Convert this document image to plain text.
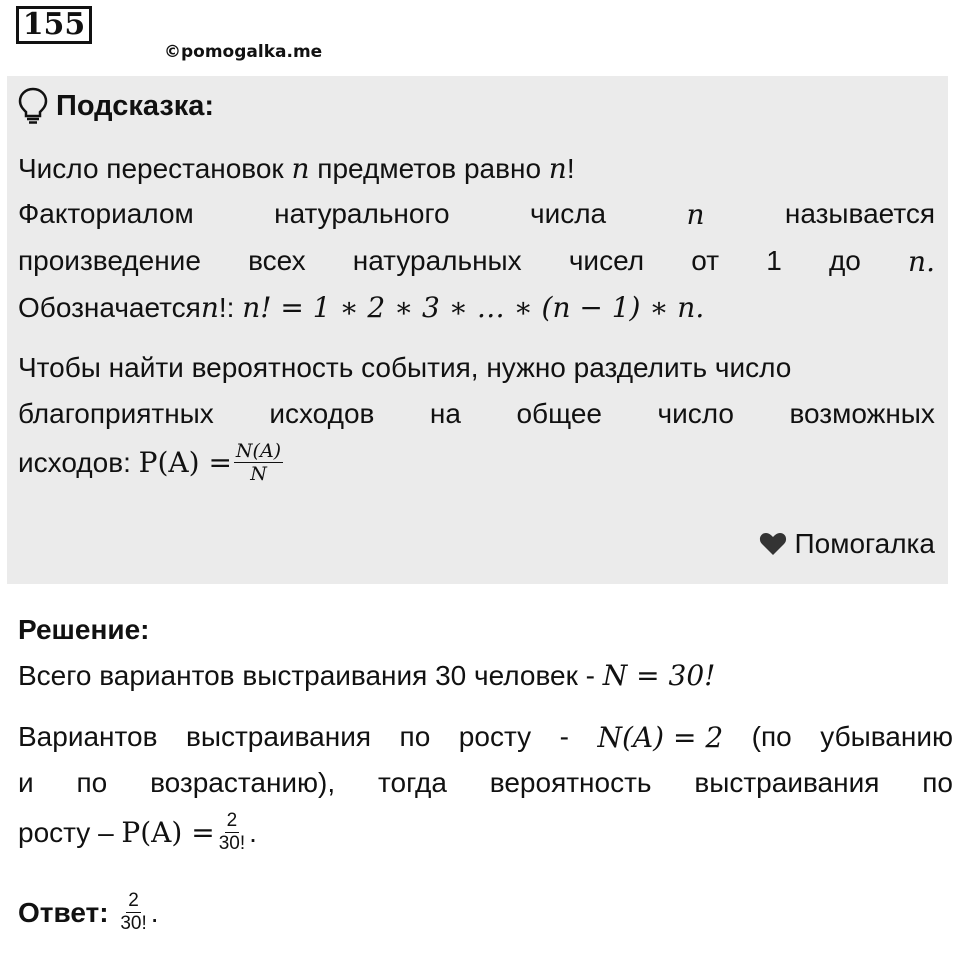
155
©pomogalka.me
Подсказка:
Число перестановок n предметов равно n!
Факториалом	натурального	числа	n	называется
произведение всех натуральных чисел от 1 до n.
Обозначаетсяn!: n! = 1 ∗ 2 ∗ 3 ∗ … ∗ (n − 1) ∗ n.
Чтобы найти вероятность события, нужно разделить число
благоприятных исходов на общее число возможных
исходов:
$P(A) = \frac{N(A)}{N}$
Помогалка
Решение:
Всего вариантов выстраивания 30 человек - N = 30!
Вариантов выстраивания по росту - N(A) = 2 (по убыванию
и по возрастанию), тогда вероятность выстраивания по
росту –
$P(A) = \frac{2}{30!}$ .
Ответ:
$\frac{2}{30!}$ .
